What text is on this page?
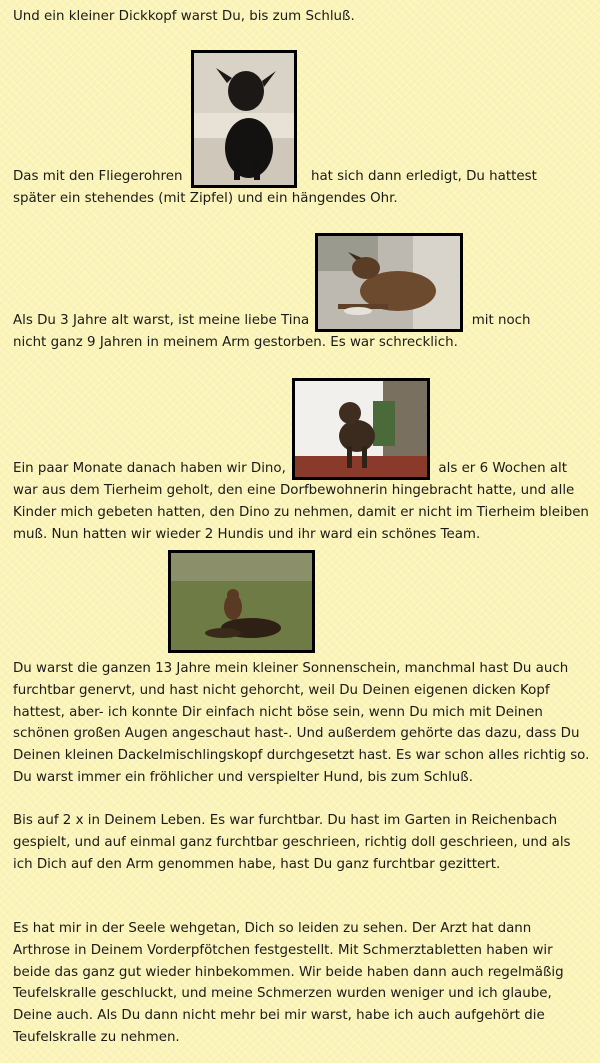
Und ein kleiner Dickkopf warst Du, bis zum Schluß.

Das mit den Fliegerohren	hat sich dann erledigt, Du hattest
später ein stehendes (mit Zipfel) und ein hängendes Ohr.
Als Du 3 Jahre alt warst, ist meine liebe Tina	mit noch
nicht ganz 9 Jahren in meinem Arm gestorben. Es war schrecklich.
Ein paar Monate danach haben wir Dino,	als er 6 Wochen alt
war aus dem Tierheim geholt, den eine Dorfbewohnerin hingebracht hatte, und alle Kinder mich gebeten hatten, den Dino zu nehmen, damit er nicht im Tierheim bleiben muß. Nun hatten wir wieder 2 Hundis und ihr ward ein schönes Team.

Du warst die ganzen 13 Jahre mein kleiner Sonnenschein, manchmal hast Du auch furchtbar genervt, und hast nicht gehorcht, weil Du Deinen eigenen dicken Kopf hattest, aber- ich konnte Dir einfach nicht böse sein, wenn Du mich mit Deinen schönen großen Augen angeschaut hast-. Und außerdem gehörte das dazu, dass Du Deinen kleinen Dackelmischlingskopf durchgesetzt hast. Es war schon alles richtig so. Du warst immer ein fröhlicher und verspielter Hund, bis zum Schluß.

Bis auf 2 x in Deinem Leben. Es war furchtbar. Du hast im Garten in Reichenbach gespielt, und auf einmal ganz furchtbar geschrieen, richtig doll geschrieen, und als ich Dich auf den Arm genommen habe, hast Du ganz furchtbar gezittert.

Es hat mir in der Seele wehgetan, Dich so leiden zu sehen. Der Arzt hat dann Arthrose in Deinem Vorderpfötchen festgestellt. Mit Schmerztabletten haben wir beide das ganz gut wieder hinbekommen. Wir beide haben dann auch regelmäßig Teufelskralle geschluckt, und meine Schmerzen wurden weniger und ich glaube, Deine auch. Als Du dann nicht mehr bei mir warst, habe ich auch aufgehört die Teufelskralle zu nehmen.
